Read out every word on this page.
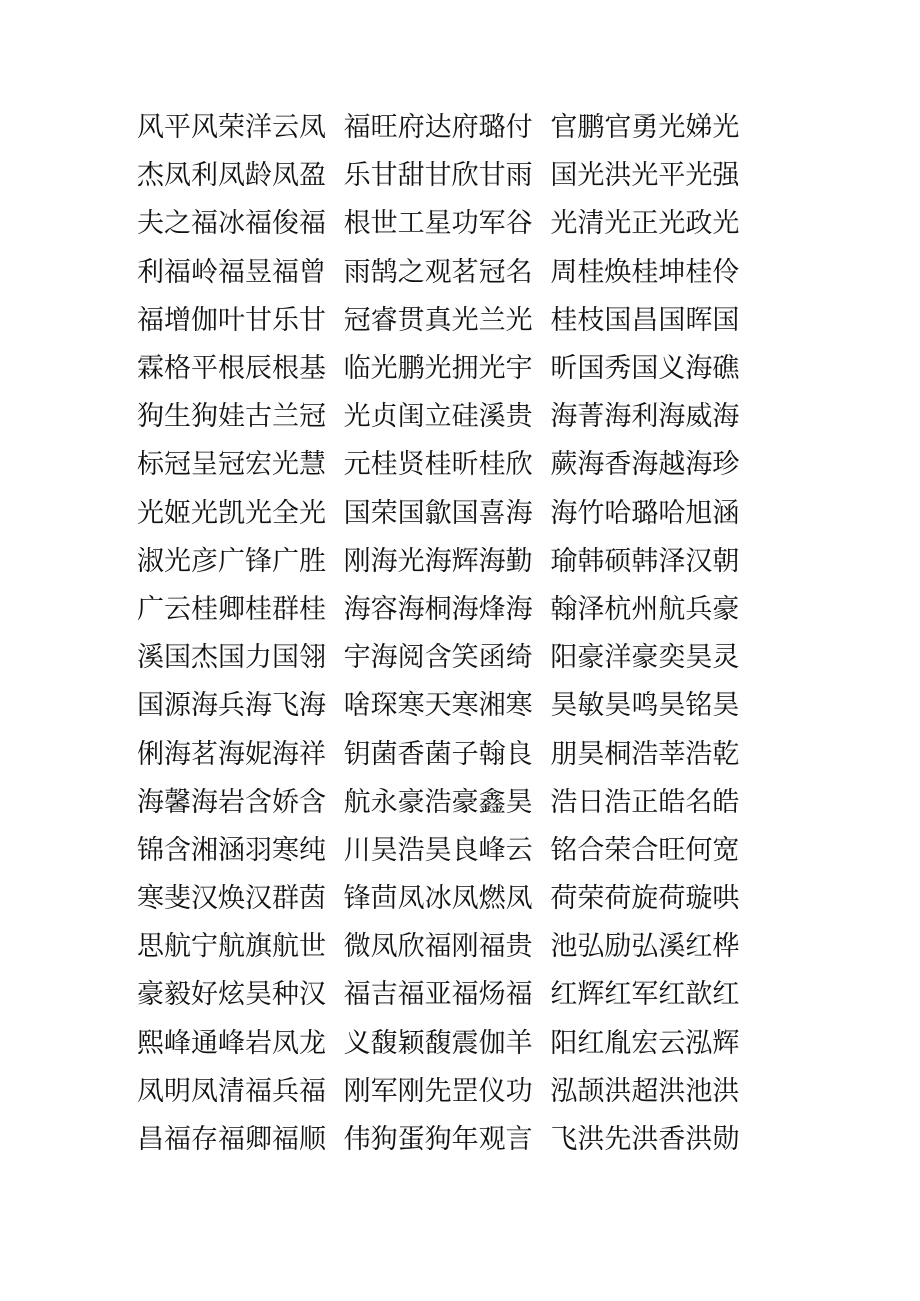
风平风荣洋云凤 福旺府达府璐付 官鹏官勇光娣光
杰凤利凤龄凤盈 乐甘甜甘欣甘雨 国光洪光平光强
夫之福冰福俊福 根世工星功军谷 光清光正光政光
利福岭福昱福曾 雨鹄之观茗冠名 周桂焕桂坤桂伶
福增伽叶甘乐甘 冠睿贯真光兰光 桂枝国昌国晖国
霖格平根辰根基 临光鹏光拥光宇 昕国秀国义海礁
狗生狗娃古兰冠 光贞闺立硅溪贵 海菁海利海威海
标冠呈冠宏光慧 元桂贤桂昕桂欣 蕨海香海越海珍
光姬光凯光全光 国荣国歙国喜海 海竹哈璐哈旭涵
淑光彦广锋广胜 刚海光海辉海勤 瑜韩硕韩泽汉朝
广云桂卿桂群桂 海容海桐海烽海 翰泽杭州航兵豪
溪国杰国力国翎 宇海阅含笑函绮 阳豪洋豪奕昊灵
国源海兵海飞海 啥琛寒天寒湘寒 昊敏昊鸣昊铭昊
俐海茗海妮海祥 钥菌香菌子翰良 朋昊桐浩莘浩乾
海馨海岩含娇含 航永豪浩豪鑫昊 浩日浩正皓名皓
锦含湘涵羽寒纯 川昊浩昊良峰云 铭合荣合旺何宽
寒斐汉焕汉群茵 锋茴凤冰凤燃凤 荷荣荷旋荷璇哄
思航宁航旗航世 微凤欣福刚福贵 池弘励弘溪红桦
豪毅好炫昊种汉 福吉福亚福炀福 红辉红军红歆红
熙峰通峰岩凤龙 义馥颖馥震伽羊 阳红胤宏云泓辉
凤明凤清福兵福 刚军刚先罡仪功 泓颉洪超洪池洪
昌福存福卿福顺 伟狗蛋狗年观言 飞洪先洪香洪勋
